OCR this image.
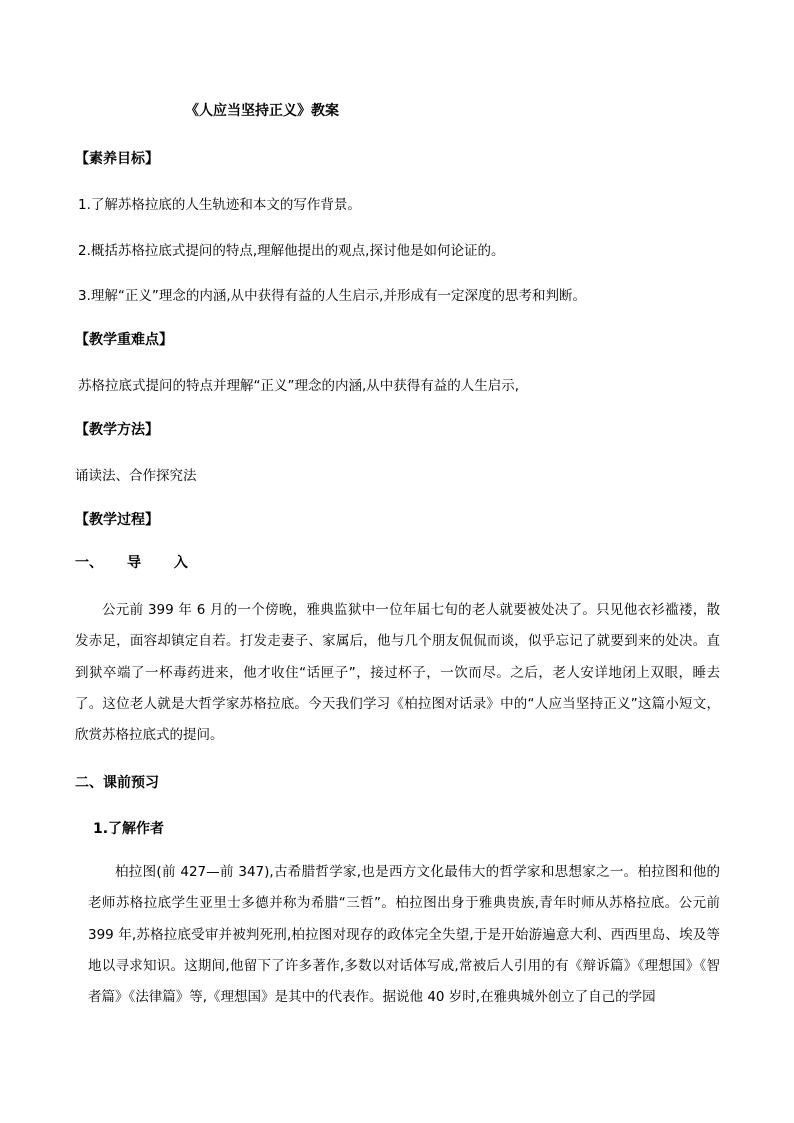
《人应当坚持正义》教案
【素养目标】
1.了解苏格拉底的人生轨迹和本文的写作背景。
2.概括苏格拉底式提问的特点,理解他提出的观点,探讨他是如何论证的。
3.理解“正义”理念的内涵,从中获得有益的人生启示,并形成有一定深度的思考和判断。
【教学重难点】
苏格拉底式提问的特点并理解“正义”理念的内涵,从中获得有益的人生启示,
【教学方法】
诵读法、合作探究法
【教学过程】
一、 导 入
公元前 399 年 6 月的一个傍晚，雅典监狱中一位年届七旬的老人就要被处决了。只见他衣衫褴褛，散发赤足，面容却镇定自若。打发走妻子、家属后，他与几个朋友侃侃而谈，似乎忘记了就要到来的处决。直到狱卒端了一杯毒药进来，他才收住“话匣子”，接过杯子，一饮而尽。之后，老人安详地闭上双眼，睡去了。这位老人就是大哲学家苏格拉底。今天我们学习《柏拉图对话录》中的“人应当坚持正义”这篇小短文，欣赏苏格拉底式的提问。
二、课前预习
1.了解作者
柏拉图(前 427—前 347),古希腊哲学家,也是西方文化最伟大的哲学家和思想家之一。柏拉图和他的老师苏格拉底学生亚里士多德并称为希腊“三哲”。柏拉图出身于雅典贵族,青年时师从苏格拉底。公元前 399 年,苏格拉底受审并被判死刑,柏拉图对现存的政体完全失望,于是开始游遍意大利、西西里岛、埃及等地以寻求知识。这期间,他留下了许多著作,多数以对话体写成,常被后人引用的有《辩诉篇》《理想国》《智者篇》《法律篇》等,《理想国》是其中的代表作。据说他 40 岁时,在雅典城外创立了自己的学园
